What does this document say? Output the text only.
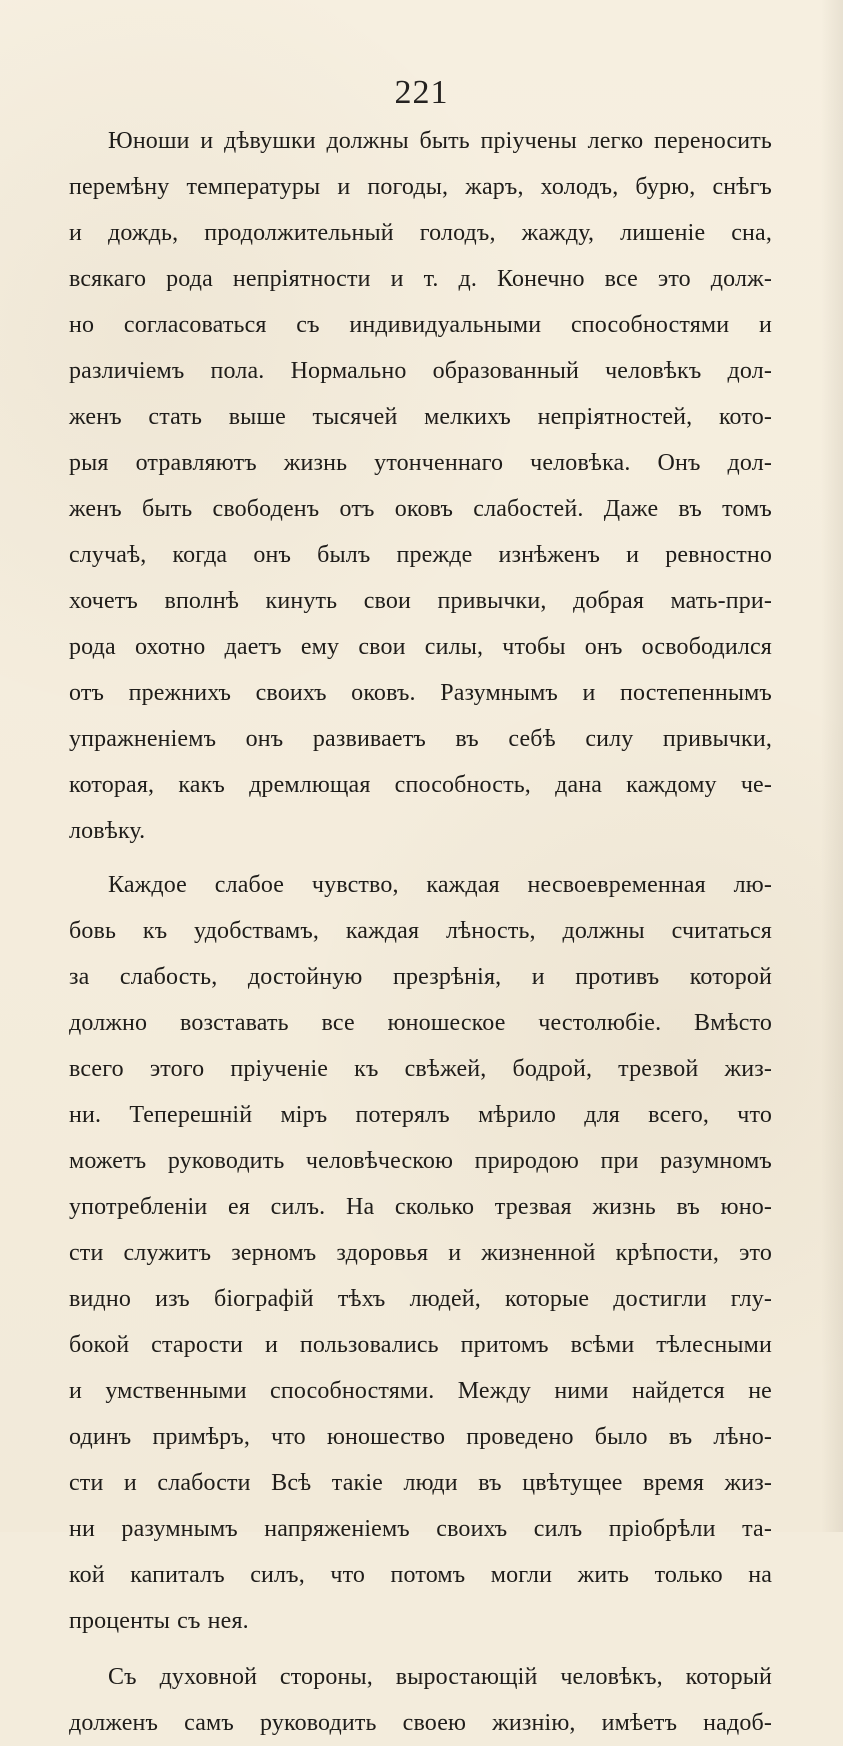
221
Юноши и дѣвушки должны быть пріучены легко переносить
перемѣну температуры и погоды, жаръ, холодъ, бурю, снѣгъ
и дождь, продолжительный голодъ, жажду, лишеніе сна,
всякаго рода непріятности и т. д. Конечно все это долж-
но согласоваться съ индивидуальными способностями и
различіемъ пола. Нормально образованный человѣкъ дол-
женъ стать выше тысячей мелкихъ непріятностей, кото-
рыя отравляютъ жизнь утонченнаго человѣка. Онъ дол-
женъ быть свободенъ отъ оковъ слабостей. Даже въ томъ
случаѣ, когда онъ былъ прежде изнѣженъ и ревностно
хочетъ вполнѣ кинуть свои привычки, добрая мать-при-
рода охотно даетъ ему свои силы, чтобы онъ освободился
отъ прежнихъ своихъ оковъ. Разумнымъ и постепеннымъ
упражненіемъ онъ развиваетъ въ себѣ силу привычки,
которая, какъ дремлющая способность, дана каждому че-
ловѣку.
Каждое слабое чувство, каждая несвоевременная лю-
бовь къ удобствамъ, каждая лѣность, должны считаться
за слабость, достойную презрѣнія, и противъ которой
должно возставать все юношеское честолюбіе. Вмѣсто
всего этого пріученіе къ свѣжей, бодрой, трезвой жиз-
ни. Теперешній міръ потерялъ мѣрило для всего, что
можетъ руководить человѣческою природою при разумномъ
употребленіи ея силъ. На сколько трезвая жизнь въ юно-
сти служитъ зерномъ здоровья и жизненной крѣпости, это
видно изъ біографій тѣхъ людей, которые достигли глу-
бокой старости и пользовались притомъ всѣми тѣлесными
и умственными способностями. Между ними найдется не
одинъ примѣръ, что юношество проведено было въ лѣно-
сти и слабости Всѣ такіе люди въ цвѣтущее время жиз-
ни разумнымъ напряженіемъ своихъ силъ пріобрѣли та-
кой капиталъ силъ, что потомъ могли жить только на
проценты съ нея.
Съ духовной стороны, выростающій человѣкъ, который
долженъ самъ руководить своею жизнію, имѣетъ надоб-
